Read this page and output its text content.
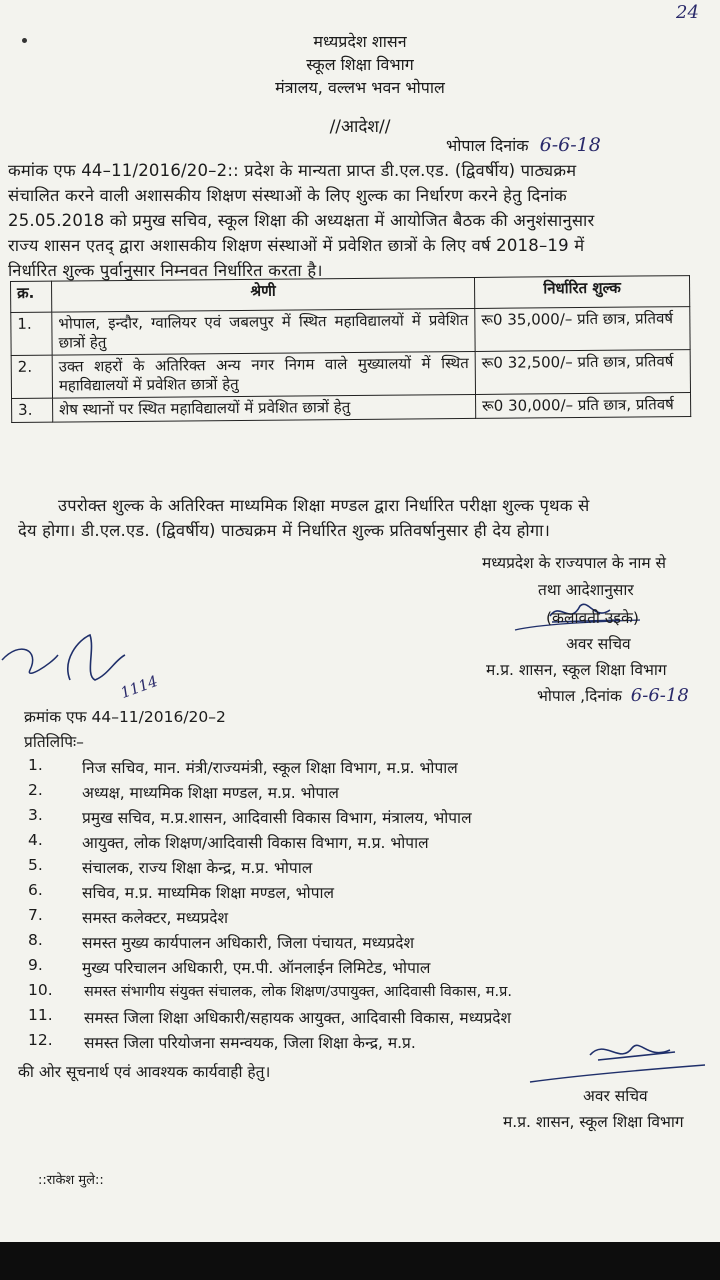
24
मध्यप्रदेश शासन
स्कूल शिक्षा विभाग
मंत्रालय, वल्लभ भवन भोपाल
//आदेश//
भोपाल दिनांक 6-6-18
कमांक एफ 44–11/2016/20–2:: प्रदेश के मान्यता प्राप्त डी.एल.एड. (द्विवर्षीय) पाठ्यक्रम
संचालित करने वाली अशासकीय शिक्षण संस्थाओं के लिए शुल्क का निर्धारण करने हेतु दिनांक
25.05.2018 को प्रमुख सचिव, स्कूल शिक्षा की अध्यक्षता में आयोजित बैठक की अनुशंसानुसार
राज्य शासन एतद् द्वारा अशासकीय शिक्षण संस्थाओं में प्रवेशित छात्रों के लिए वर्ष 2018–19 में
निर्धारित शुल्क पुर्वानुसार निम्नवत निर्धारित करता है।
क्र.	श्रेणी	निर्धारित शुल्क
1.	भोपाल, इन्दौर, ग्वालियर एवं जबलपुर में स्थित महाविद्यालयों में प्रवेशित छात्रों हेतु	रू0 35,000/– प्रति छात्र, प्रतिवर्ष
2.	उक्त शहरों के अतिरिक्त अन्य नगर निगम वाले मुख्यालयों में स्थित महाविद्यालयों में प्रवेशित छात्रों हेतु	रू0 32,500/– प्रति छात्र, प्रतिवर्ष
3.	शेष स्थानों पर स्थित महाविद्यालयों में प्रवेशित छात्रों हेतु	रू0 30,000/– प्रति छात्र, प्रतिवर्ष
उपरोक्त शुल्क के अतिरिक्त माध्यमिक शिक्षा मण्डल द्वारा निर्धारित परीक्षा शुल्क पृथक से
देय होगा। डी.एल.एड. (द्विवर्षीय) पाठ्यक्रम में निर्धारित शुल्क प्रतिवर्षानुसार ही देय होगा।
मध्यप्रदेश के राज्यपाल के नाम से
तथा आदेशानुसार
(कलावती उइके)
अवर सचिव
म.प्र. शासन, स्कूल शिक्षा विभाग
भोपाल ,दिनांक 6-6-18
1114
क्रमांक एफ 44–11/2016/20–2
प्रतिलिपिः–
1.	निज सचिव, मान. मंत्री/राज्यमंत्री, स्कूल शिक्षा विभाग, म.प्र. भोपाल
2.	अध्यक्ष, माध्यमिक शिक्षा मण्डल, म.प्र. भोपाल
3.	प्रमुख सचिव, म.प्र.शासन, आदिवासी विकास विभाग, मंत्रालय, भोपाल
4.	आयुक्त, लोक शिक्षण/आदिवासी विकास विभाग, म.प्र. भोपाल
5.	संचालक, राज्य शिक्षा केन्द्र, म.प्र. भोपाल
6.	सचिव, म.प्र. माध्यमिक शिक्षा मण्डल, भोपाल
7.	समस्त कलेक्टर, मध्यप्रदेश
8.	समस्त मुख्य कार्यपालन अधिकारी, जिला पंचायत, मध्यप्रदेश
9.	मुख्य परिचालन अधिकारी, एम.पी. ऑनलाईन लिमिटेड, भोपाल
10.	समस्त संभागीय संयुक्त संचालक, लोक शिक्षण/उपायुक्त, आदिवासी विकास, म.प्र.
11.	समस्त जिला शिक्षा अधिकारी/सहायक आयुक्त, आदिवासी विकास, मध्यप्रदेश
12.	समस्त जिला परियोजना समन्वयक, जिला शिक्षा केन्द्र, म.प्र.
की ओर सूचनार्थ एवं आवश्यक कार्यवाही हेतु।
अवर सचिव
म.प्र. शासन, स्कूल शिक्षा विभाग
::राकेश मुले::
